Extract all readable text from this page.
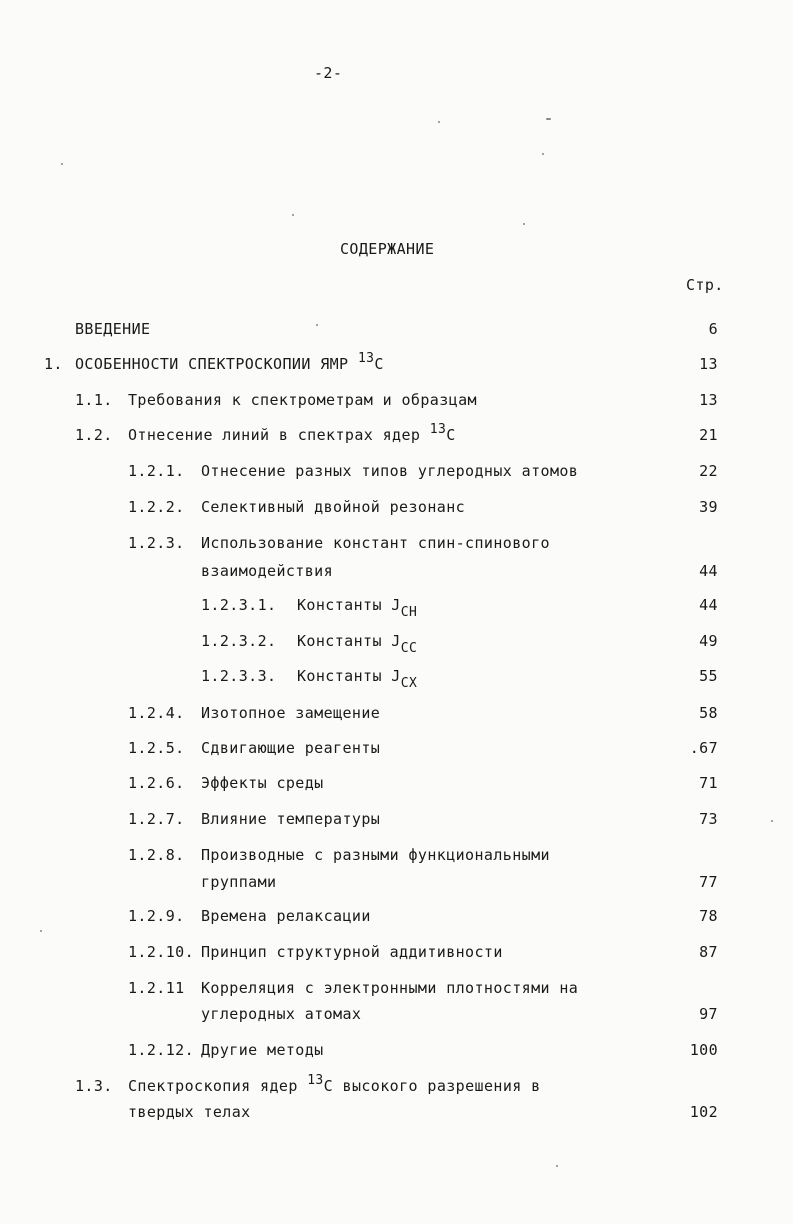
-2-
СОДЕРЖАНИЕ
Стр.
ВВЕДЕНИЕ	6
1. ОСОБЕННОСТИ СПЕКТРОСКОПИИ ЯМР $^{13}$C	13
1.1. Требования к спектрометрам и образцам	13
1.2. Отнесение линий в спектрах ядер $^{13}$C	21
1.2.1. Отнесение разных типов углеродных атомов	22
1.2.2. Селективный двойной резонанс	39
1.2.3. Использование констант спин-спинового
взаимодействия	44
1.2.3.1. Константы $J_{CH}$	44
1.2.3.2. Константы $J_{CC}$	49
1.2.3.3. Константы $J_{CX}$	55
1.2.4. Изотопное замещение	58
1.2.5. Сдвигающие реагенты	.67
1.2.6. Эффекты среды	71
1.2.7. Влияние температуры	73
1.2.8. Производные с разными функциональными
группами	77
1.2.9. Времена релаксации	78
1.2.10. Принцип структурной аддитивности	87
1.2.11 Корреляция с электронными плотностями на
углеродных атомах	97
1.2.12. Другие методы	100
1.3. Спектроскопия ядер $^{13}$C высокого разрешения в
твердых телах	102
